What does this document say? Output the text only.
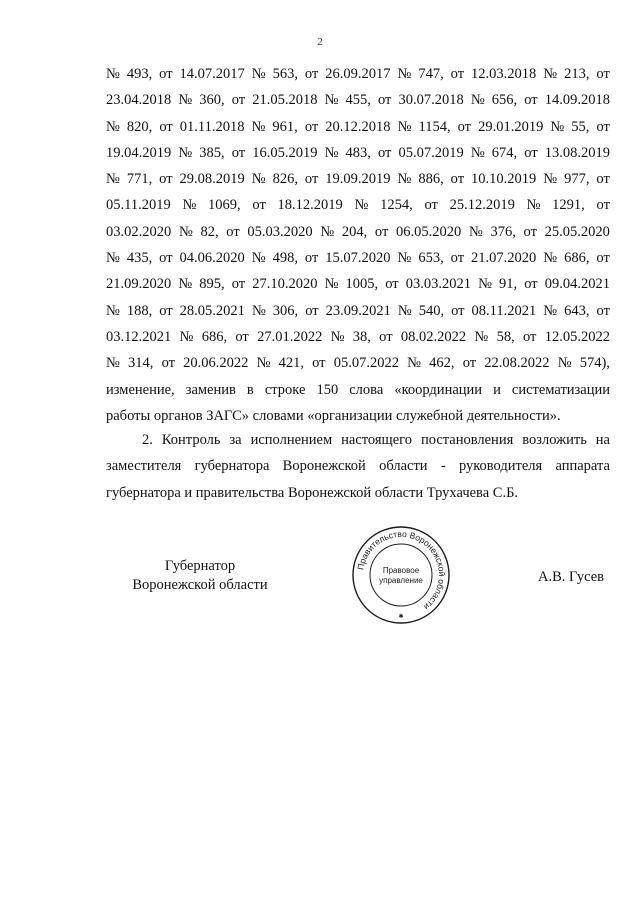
2
№ 493, от 14.07.2017 № 563, от 26.09.2017 № 747, от 12.03.2018 № 213, от
23.04.2018 № 360, от 21.05.2018 № 455, от 30.07.2018 № 656, от 14.09.2018
№ 820, от 01.11.2018 № 961, от 20.12.2018 № 1154, от 29.01.2019 № 55, от
19.04.2019 № 385, от 16.05.2019 № 483, от 05.07.2019 № 674, от 13.08.2019
№ 771, от 29.08.2019 № 826, от 19.09.2019 № 886, от 10.10.2019 № 977, от
05.11.2019 № 1069, от 18.12.2019 № 1254, от 25.12.2019 № 1291, от
03.02.2020 № 82, от 05.03.2020 № 204, от 06.05.2020 № 376, от 25.05.2020
№ 435, от 04.06.2020 № 498, от 15.07.2020 № 653, от 21.07.2020 № 686, от
21.09.2020 № 895, от 27.10.2020 № 1005, от 03.03.2021 № 91, от 09.04.2021
№ 188, от 28.05.2021 № 306, от 23.09.2021 № 540, от 08.11.2021 № 643, от
03.12.2021 № 686, от 27.01.2022 № 38, от 08.02.2022 № 58, от 12.05.2022
№ 314, от 20.06.2022 № 421, от 05.07.2022 № 462, от 22.08.2022 № 574),
изменение, заменив в строке 150 слова «координации и систематизации
работы органов ЗАГС» словами «организации служебной деятельности».
2. Контроль за исполнением настоящего постановления возложить на
заместителя губернатора Воронежской области - руководителя аппарата
губернатора и правительства Воронежской области Трухачева С.Б.
Губернатор
Воронежской области
Правительство Воронежской области
Правовое
управление
✱
А.В. Гусев
